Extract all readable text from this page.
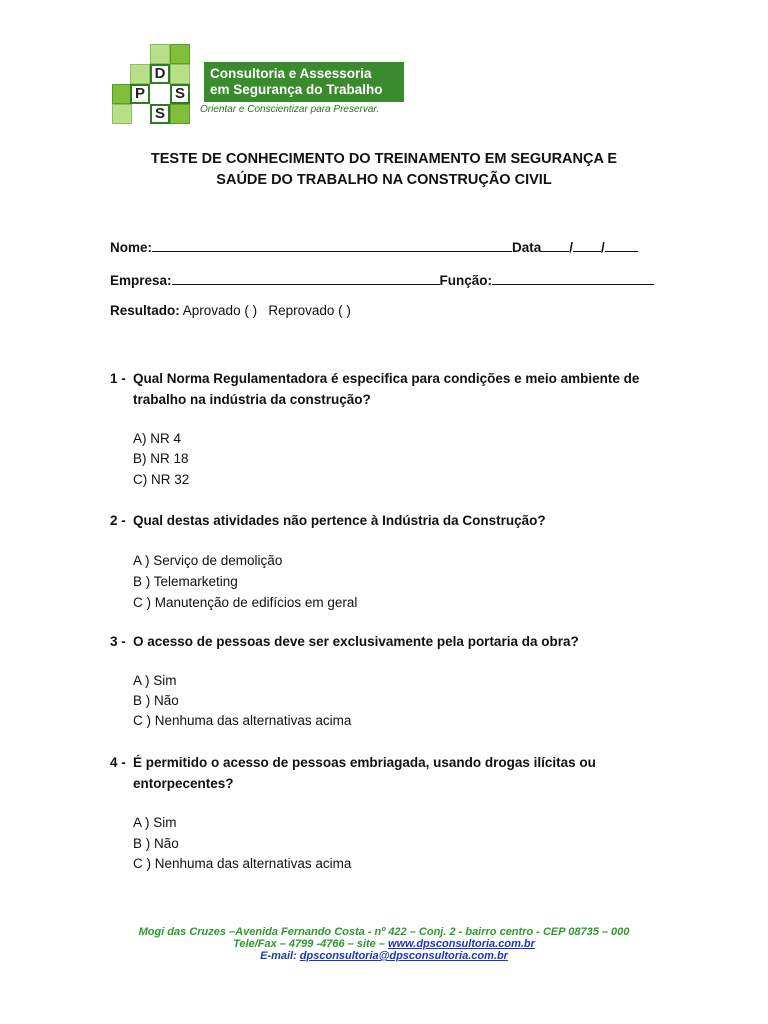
D
P	S
S
Consultoria e Assessoria
em Segurança do Trabalho
Orientar e Conscientizar para Preservar.
TESTE DE CONHECIMENTO DO TREINAMENTO EM SEGURANÇA E
SAÚDE DO TRABALHO NA CONSTRUÇÃO CIVIL
Nome:	Data / /
Empresa:	Função:
Resultado: Aprovado ( ) Reprovado ( )
1 - Qual Norma Regulamentadora é especifica para condições e meio ambiente de trabalho na indústria da construção?
A) NR 4
B) NR 18
C) NR 32
2 - Qual destas atividades não pertence à Indústria da Construção?
A ) Serviço de demolição
B ) Telemarketing
C ) Manutenção de edifícios em geral
3 - O acesso de pessoas deve ser exclusivamente pela portaria da obra?
A ) Sim
B ) Não
C ) Nenhuma das alternativas acima
4 - É permitido o acesso de pessoas embriagada, usando drogas ilícitas ou entorpecentes?
A ) Sim
B ) Não
C ) Nenhuma das alternativas acima
Mogi das Cruzes –Avenida Fernando Costa - nº 422 – Conj. 2 - bairro centro - CEP 08735 – 000
Tele/Fax – 4799 -4766 – site – www.dpsconsultoria.com.br
E-mail: dpsconsultoria@dpsconsultoria.com.br
